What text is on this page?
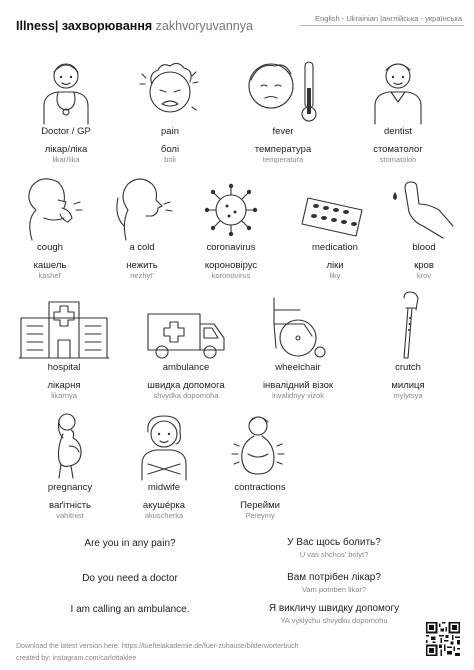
Illness| захворювання zakhvoryuvannya
English - Ukrainian |англійська - українська
Doctor / GP
лікар/ліка
likar/lika
pain
болі
boli
fever
температура
temperatura
dentist
стоматолог
stomatoloh
cough
кашель
kashel'
a cold
нежить
nezhyt'
coronavirus
коронoвірус
koronovirus
medication
ліки
liky
blood
кров
krov
hospital
лікарня
likarnya
ambulance
швидка допомога
shvydka dopomoha
wheelchair
інвалідний візок
invalidnyy vizok
crutch
милиця
mylytsya
pregnancy
ваґітність
vahitnist
midwife
акушéрка
akuscherka
contractions
Перейми
Pereymy
Are you in any pain?	У Вас щось болить?
U vas shchos' bolyt?
Do you need a doctor	Вам потрібен лікар?
Vam potriben likar?
I am calling an ambulance.	Я викличу швидку допомогу
YA vyklychu shvydku dopomohu
Download the latest version here: https://tueftelakademie.de/fuer-zuhause/bilderworterbuch
created by: instagram.com/carlottaklee
